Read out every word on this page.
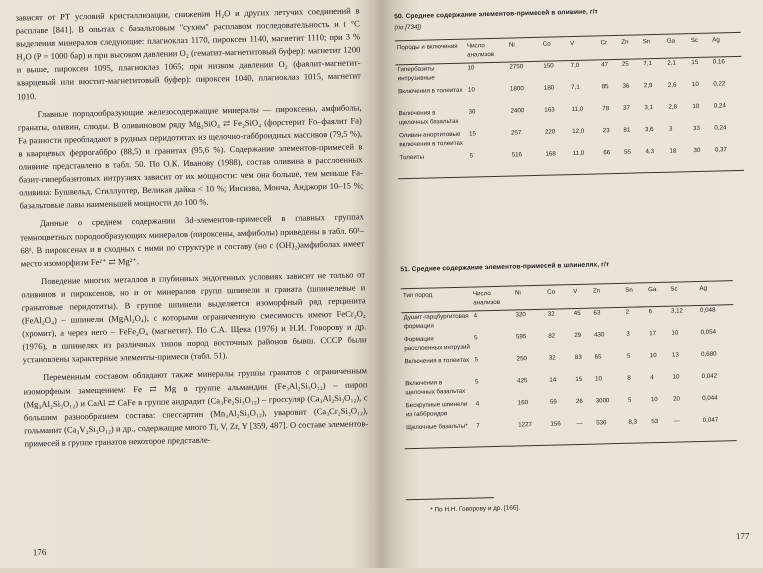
зависят от РТ условий кристаллизации, снижения H₂O и других летучих соединений в расплаве [841]. В опытах с базальтовым "сухим" расплавом последовательность и t °С выделения минералов следующие: плагиоклаз 1170, пироксен 1140, магнетит 1110; при 3 % H₂O (P = 1000 бар) и при высоком давлении O₂ (гематит-магнетитовый буфер): магнетит 1200 и выше, пироксен 1095, плагиоклаз 1065; при низком давлении O₂ (фаялит-магнетит-кварцевый или вюстит-магнетитовый буфер): пироксен 1040, плагиоклаз 1015, магнетит 1010.

Главные породообразующие железосодержащие минералы — пироксены, амфиболы, гранаты, оливин, слюды. В оливиновом ряду Mg₂SiO₄ ⇄ Fe₂SiO₄ (форстерит Fo–фаялит Fa) Fa разности преобладают в рудных перидотитах из щелочно-габброидных массивов (79,5 %), в кварцевых феррогаббро (88,5) и гранитах (95,6 %). Содержание элементов-примесей в оливине представлено в табл. 50. По О.К. Иванову (1988), состав оливина в расслоенных базит-гипербазитовых интрузиях зависит от их мощности: чем она больше, тем меньше Fa-оливина: Бушвельд, Стиллуотер, Великая дайка < 10 %; Инсизва, Мончa, Анджори 10–15 %; базальтовые лавы наименьшей мощности до 100 %.

Данные о среднем содержании 3d-элементов-примесей в главных группах темноцветных породообразующих минералов (пироксены, амфиболы) приведены в табл. 60¹–68¹. В пироксенах и в сходных с ними по структуре и составу (но с (OH)₂)амфиболах имеет место изоморфизм Fe²⁺ ⇄ Mg²⁺.

Поведение многих металлов в глубинных эндогенных условиях зависит не только от оливинов и пироксенов, но и от минералов групп шпинели и граната (шпинелевые и гранатовые перидотиты). В группе шпинели выделяется изоморфный ряд герцинита (FeAl₂O₄) – шпинели (MgAl₂O₄), с которыми ограниченную смесимость имеют FeCr₂O₄ (хромит), а через него – FeFe₂O₄ (магнетит). По С.А. Щека (1976) и Н.И. Говорову и др. (1976), в шпинелях из различных типов пород восточных районов бывш. СССР были установлены характерные элементы-примеси (табл. 51).

Переменным составом обладают также минералы группы гранатов с ограниченным изоморфным замещением: Fe ⇄ Mg в группе альмандин (Fe₃Al₂Si₃O₁₂) – пироп (Mg₃Al₂Si₃O₁₂) и CaAl ⇄ CaFe в группе андрадит (Ca₃Fe₂Si₃O₁₂) – гроссуляр (Ca₃Al₂Si₃O₁₂), с большим разнообразием состава: спессартин (Mn₃Al₂Si₃O₁₂), уваровит (Ca₃Cr₂Si₃O₁₂), гольманит (Ca₃V₂Si₃O₁₂) и др., содержащие много Ti, V, Zr, Y [359, 487]. О составе элементов-примесей в группе гранатов некоторое представле-

176
50. Среднее содержание элементов-примесей в оливине, г/т
(по [734])
Породы и включения	Число анализов	Ni	Co	V	Cr	Zn	Sn	Ga	Sc	Ag
Гипербазиты интрузивные	10	2750	150	7,0	47	25	7,1	2,1	15	0,16
Включения в толеитах	10	1800	180	7,1	85	36	2,9	2,6	10	0,22
Включения в щелочных базальтах	30	2400	163	11,0	78	37	3,1	2,8	10	0,24
Оливин-анортитовые включения в толеитах	15	257	220	12,0	23	81	3,6	3	33	0,24
Толеиты	5	516	168	11,0	66	55	4,3	18	30	0,37
51. Среднее содержание элементов-примесей в шпинелях, г/т
Тип пород	Число анализов	Ni	Co	V	Zn	Sn	Ga	Sc	Ag
Душит-гарцбургитовая формация	4	320	32	45	63	2	6	3,12	0,048
Формация расслоенных интрузий	5	595	82	29	430	3	17	10	0,054
Включения в толеитах	5	250	32	83	65	5	10	13	0,680
Включения в щелочных базальтах	5	425	14	15	10	8	4	10	0,042
Бескрупные шпинели из габброидов	4	160	59	26	3000	5	10	20	0,044
Щелочные базальты*	7	1227	156	—	536	8,3	53	—	0,047
* По Н.Н. Говорову и др. [166].
177
